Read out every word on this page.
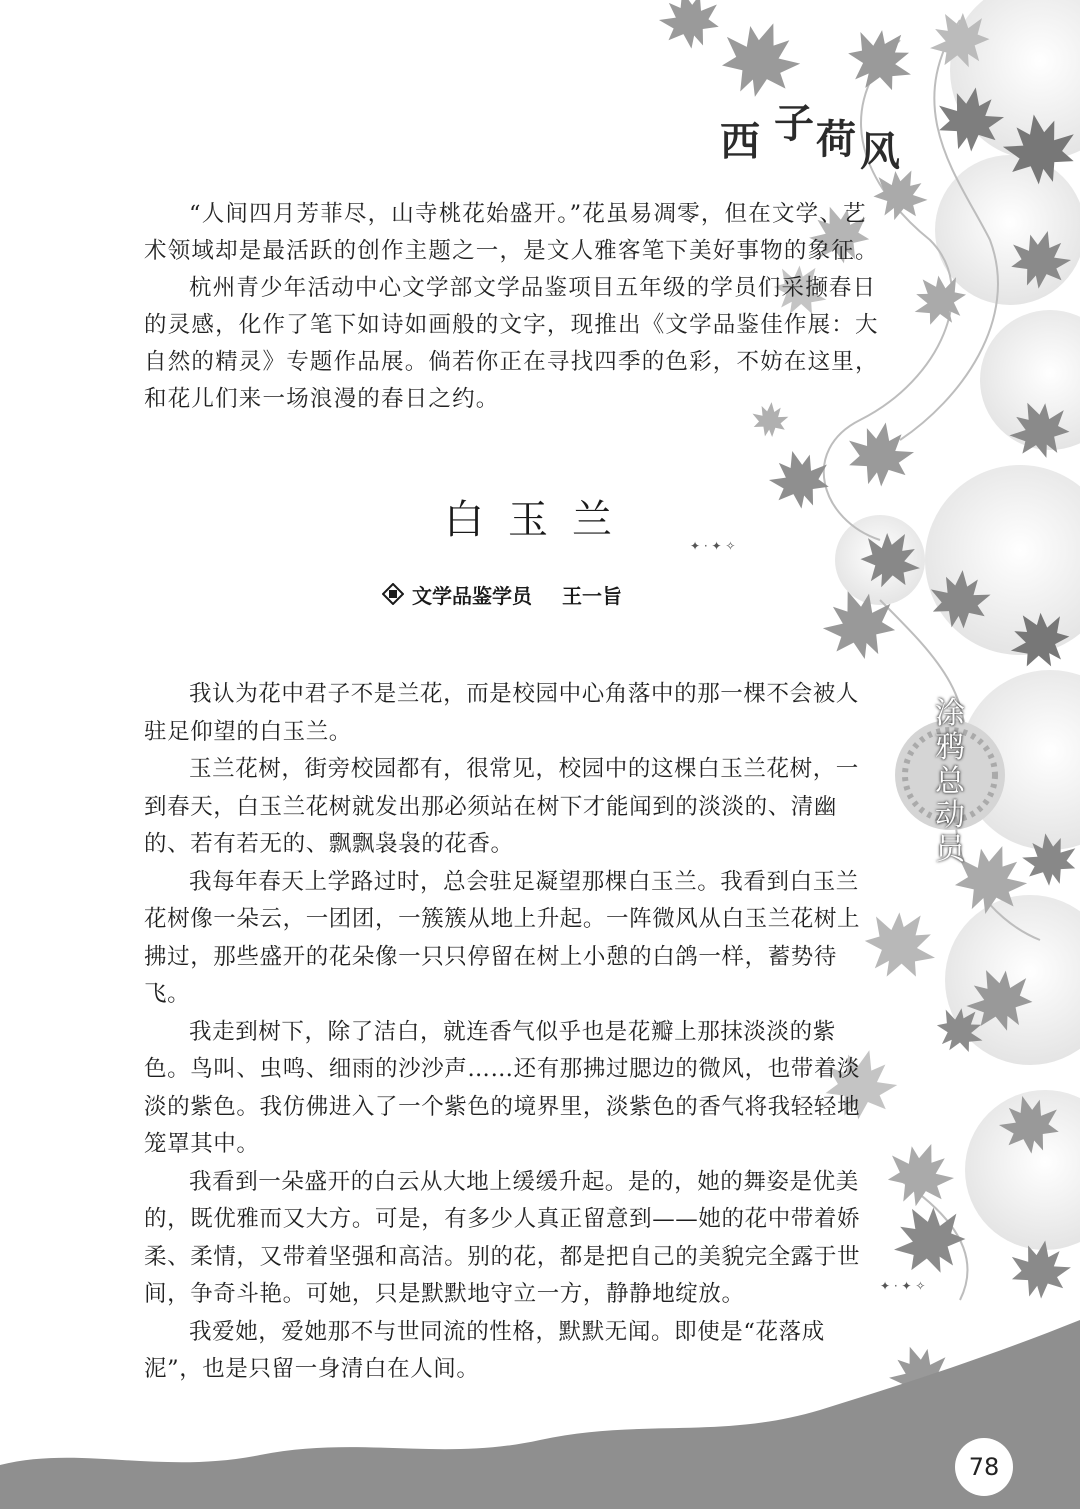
✦ · ✦ ✧
✦ · ✦ ✧
西 子 荷 风

“人间四月芳菲尽，山寺桃花始盛开。”花虽易凋零，但在文学、艺术领域却是最活跃的创作主题之一，是文人雅客笔下美好事物的象征。

杭州青少年活动中心文学部文学品鉴项目五年级的学员们采撷春日的灵感，化作了笔下如诗如画般的文字，现推出《文学品鉴佳作展：大自然的精灵》专题作品展。倘若你正在寻找四季的色彩，不妨在这里，和花儿们来一场浪漫的春日之约。

白玉兰
文学品鉴学员 王一旨

我认为花中君子不是兰花，而是校园中心角落中的那一棵不会被人驻足仰望的白玉兰。

玉兰花树，街旁校园都有，很常见，校园中的这棵白玉兰花树，一到春天，白玉兰花树就发出那必须站在树下才能闻到的淡淡的、清幽的、若有若无的、飘飘袅袅的花香。

我每年春天上学路过时，总会驻足凝望那棵白玉兰。我看到白玉兰花树像一朵云，一团团，一簇簇从地上升起。一阵微风从白玉兰花树上拂过，那些盛开的花朵像一只只停留在树上小憩的白鸽一样，蓄势待飞。

我走到树下，除了洁白，就连香气似乎也是花瓣上那抹淡淡的紫色。鸟叫、虫鸣、细雨的沙沙声……还有那拂过腮边的微风，也带着淡淡的紫色。我仿佛进入了一个紫色的境界里，淡紫色的香气将我轻轻地笼罩其中。

我看到一朵盛开的白云从大地上缓缓升起。是的，她的舞姿是优美的，既优雅而又大方。可是，有多少人真正留意到——她的花中带着娇柔、柔情，又带着坚强和高洁。别的花，都是把自己的美貌完全露于世间，争奇斗艳。可她，只是默默地守立一方，静静地绽放。

我爱她，爱她那不与世同流的性格，默默无闻。即使是“花落成泥”，也是只留一身清白在人间。

涂
鸦
总
动
员
78
